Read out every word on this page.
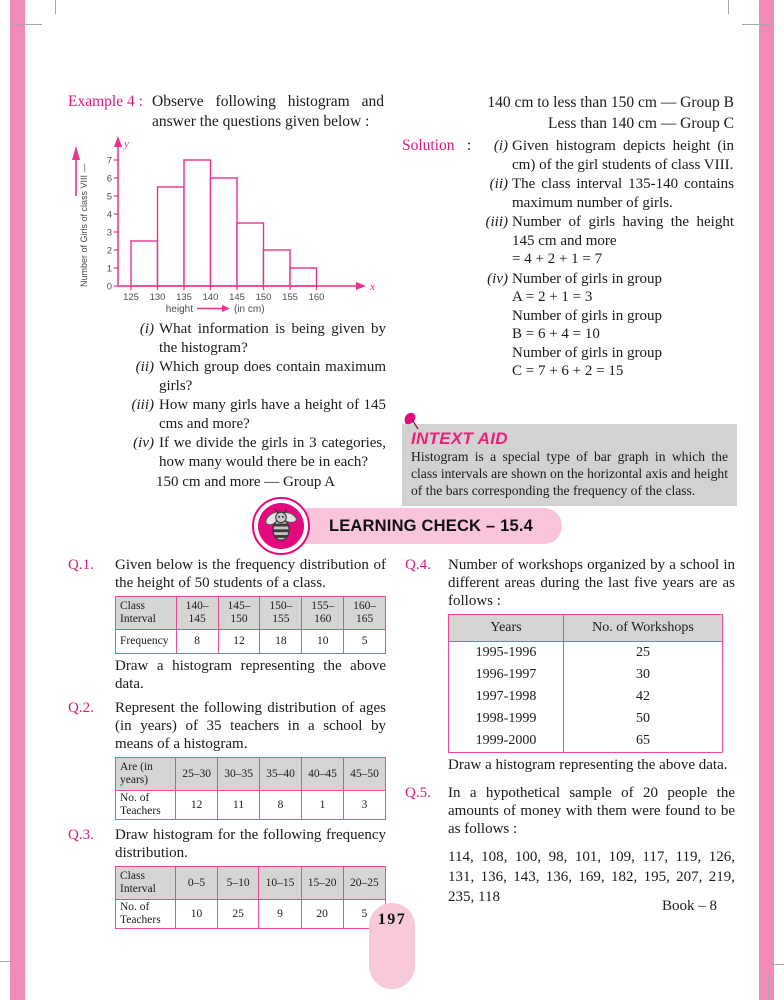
Example 4 : Observe following histogram and answer the questions given below :
0
1
2
3
4
5
6
7
125 130 135 140 145 150 155 160
y
x
height	(in cm)
Number of Girls of class VIII —
(i) What information is being given by the histogram?
(ii) Which group does contain maximum girls?
(iii) How many girls have a height of 145 cms and more?
(iv) If we divide the girls in 3 categories, how many would there be in each?
150 cm and more — Group A
140 cm to less than 150 cm — Group B
Less than 140 cm — Group C
Solution :	(i) Given histogram depicts height (in cm) of the girl students of class VIII.
(ii) The class interval 135-140 contains maximum number of girls.
(iii) Number of girls having the height 145 cm and more
= 4 + 2 + 1 = 7
(iv) Number of girls in group
A = 2 + 1 = 3
Number of girls in group
B = 6 + 4 = 10
Number of girls in group
C = 7 + 6 + 2 = 15
INTEXT AID
Histogram is a special type of bar graph in which the class intervals are shown on the horizontal axis and height of the bars corresponding the frequency of the class.
LEARNING CHECK – 15.4
Q.1.	Given below is the frequency distribution of the height of 50 students of a class.
Class Interval	140–145	145–150	150–155	155–160	160–165
Frequency	8	12	18	10	5
Draw a histogram representing the above data.
Q.2.	Represent the following distribution of ages (in years) of 35 teachers in a school by means of a histogram.
Are (in years)	25–30	30–35	35–40	40–45	45–50
No. of Teachers	12	11	8	1	3
Q.3.	Draw histogram for the following frequency distribution.
Class Interval	0–5	5–10	10–15	15–20	20–25
No. of Teachers	10	25	9	20	5
Q.4.	Number of workshops organized by a school in different areas during the last five years are as follows :
Years	No. of Workshops
1995-1996	25
1996-1997	30
1997-1998	42
1998-1999	50
1999-2000	65
Draw a histogram representing the above data.
Q.5.	In a hypothetical sample of 20 people the amounts of money with them were found to be as follows :
114, 108, 100, 98, 101, 109, 117, 119, 126,
131, 136, 143, 136, 169, 182, 195, 207, 219,
235, 118
197
Book – 8
